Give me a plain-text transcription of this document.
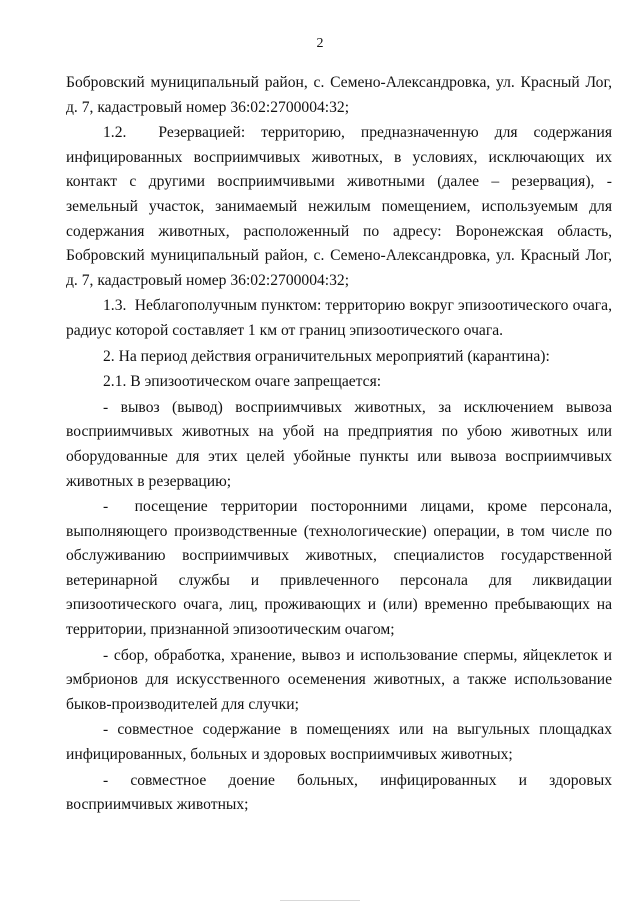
2

Бобровский муниципальный район, с. Семено-Александровка, ул. Красный Лог, д. 7, кадастровый номер 36:02:2700004:32;

1.2.  Резервацией: территорию, предназначенную для содержания инфицированных восприимчивых животных, в условиях, исключающих их контакт с другими восприимчивыми животными (далее – резервация), - земельный участок, занимаемый нежилым помещением, используемым для содержания животных, расположенный по адресу: Воронежская область,  Бобровский муниципальный район, с. Семено-Александровка, ул. Красный Лог, д. 7, кадастровый номер 36:02:2700004:32;

1.3.  Неблагополучным пунктом: территорию вокруг эпизоотического очага, радиус которой составляет 1 км от границ эпизоотического очага.

2. На период действия ограничительных мероприятий (карантина):

2.1. В эпизоотическом очаге запрещается:

- вывоз (вывод) восприимчивых животных, за исключением вывоза восприимчивых животных на убой на предприятия по убою животных или оборудованные для этих целей убойные пункты или вывоза восприимчивых животных в резервацию;

-  посещение территории посторонними лицами, кроме персонала, выполняющего производственные (технологические) операции, в том числе по обслуживанию восприимчивых животных, специалистов государственной ветеринарной службы и привлеченного персонала для ликвидации эпизоотического очага, лиц, проживающих и (или) временно пребывающих на территории, признанной эпизоотическим очагом;

- сбор, обработка, хранение, вывоз и использование спермы, яйцеклеток и эмбрионов для искусственного осеменения животных, а также использование быков-производителей для случки;

- совместное содержание в помещениях или на выгульных площадках инфицированных, больных и здоровых восприимчивых животных;

- совместное доение больных, инфицированных и здоровых восприимчивых животных;
